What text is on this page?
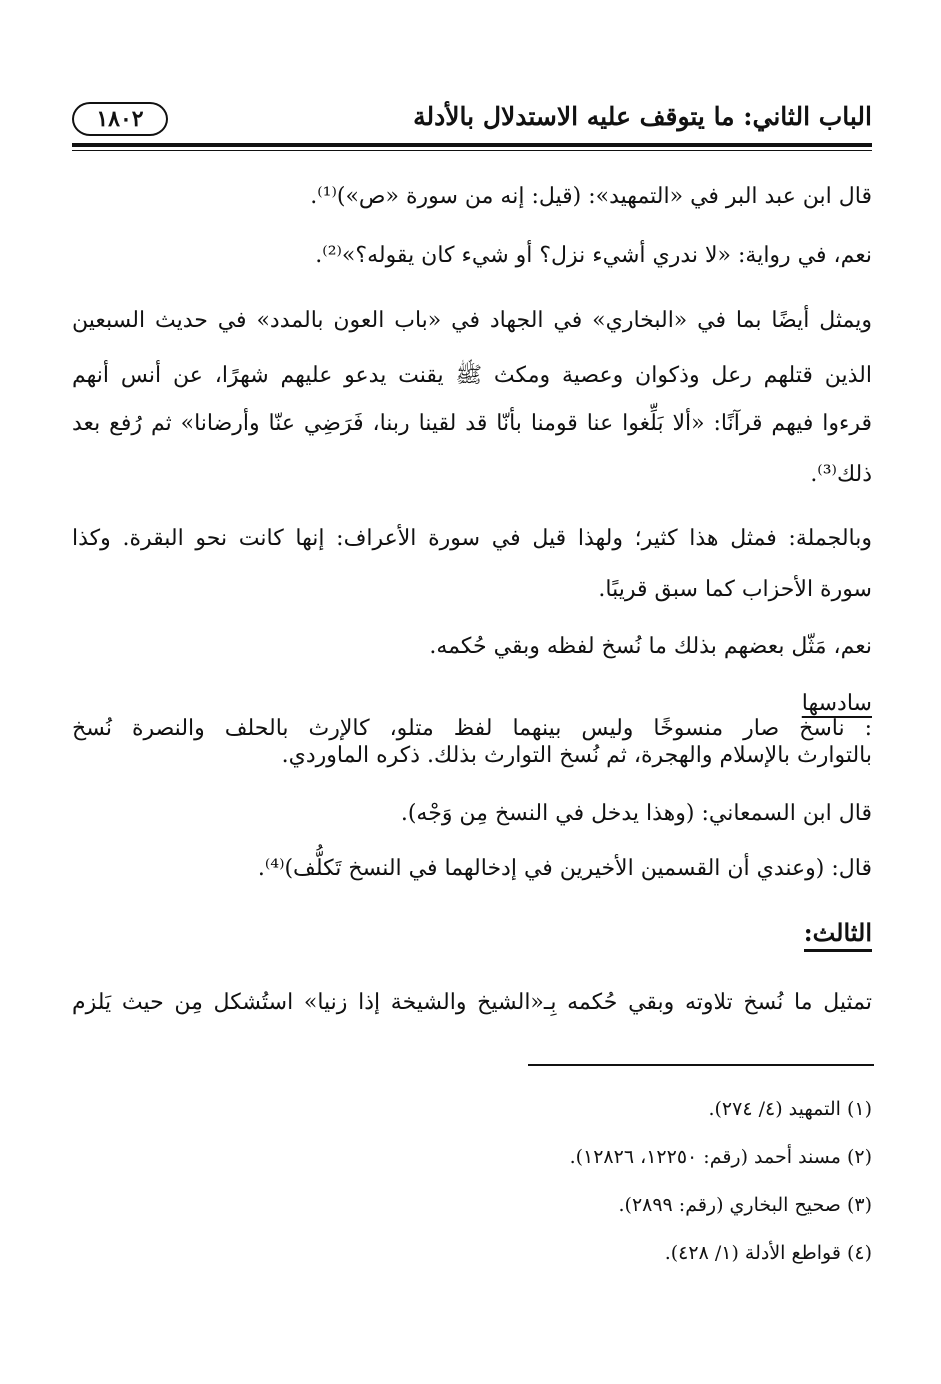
الباب الثاني: ما يتوقف عليه الاستدلال بالأدلة
١٨٠٢
قال ابن عبد البر في «التمهيد»: (قيل: إنه من سورة «ص»)⁽¹⁾.
نعم، في رواية: «لا ندري أشيء نزل؟ أو شيء كان يقوله؟»⁽²⁾.
ويمثل أيضًا بما في «البخاري» في الجهاد في «باب العون بالمدد» في حديث السبعين
الذين قتلهم رعل وذكوان وعصية ومكث ﷺ يقنت يدعو عليهم شهرًا، عن أنس أنهم
قرءوا فيهم قرآنًا: «ألا بَلِّغوا عنا قومنا بأنّا قد لقينا ربنا، فَرَضِي عنّا وأرضانا» ثم رُفع بعد
ذلك⁽³⁾.
وبالجملة: فمثل هذا كثير؛ ولهذا قيل في سورة الأعراف: إنها كانت نحو البقرة. وكذا
سورة الأحزاب كما سبق قريبًا.
نعم، مَثّل بعضهم بذلك ما نُسخ لفظه وبقي حُكمه.
سادسها
: ناسخ صار منسوخًا وليس بينهما لفظ متلو، كالإرث بالحلف والنصرة نُسخ
بالتوارث بالإسلام والهجرة، ثم نُسخ التوارث بذلك. ذكره الماوردي.
قال ابن السمعاني: (وهذا يدخل في النسخ مِن وَجْه).
قال: (وعندي أن القسمين الأخيرين في إدخالهما في النسخ تَكلُّف)⁽⁴⁾.
الثالث:
تمثيل ما نُسخ تلاوته وبقي حُكمه بِـ«الشيخ والشيخة إذا زنيا» استُشكل مِن حيث يَلزم
(١) التمهيد (٤/ ٢٧٤).
(٢) مسند أحمد (رقم: ١٢٢٥٠، ١٢٨٢٦).
(٣) صحيح البخاري (رقم: ٢٨٩٩).
(٤) قواطع الأدلة (١/ ٤٢٨).
